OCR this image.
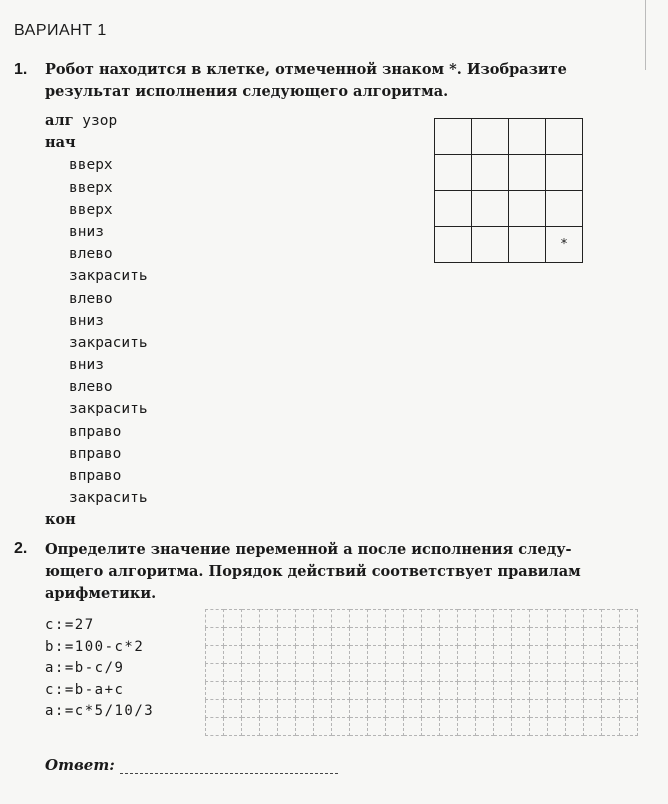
ВАРИАНТ 1
1. Робот находится в клетке, отмеченной знаком *. Изобразите
результат исполнения следующего алгоритма.
алг узор
нач
вверх
вверх
вверх
вниз
влево
закрасить
влево
вниз
закрасить
вниз
влево
закрасить
вправо
вправо
вправо
закрасить
кон

			*
2. Определите значение переменной a после исполнения следу-
ющего алгоритма. Порядок действий соответствует правилам
арифметики.
c:=27
b:=100-c*2
a:=b-c/9
c:=b-a+c
a:=c*5/10/3

Ответ:
